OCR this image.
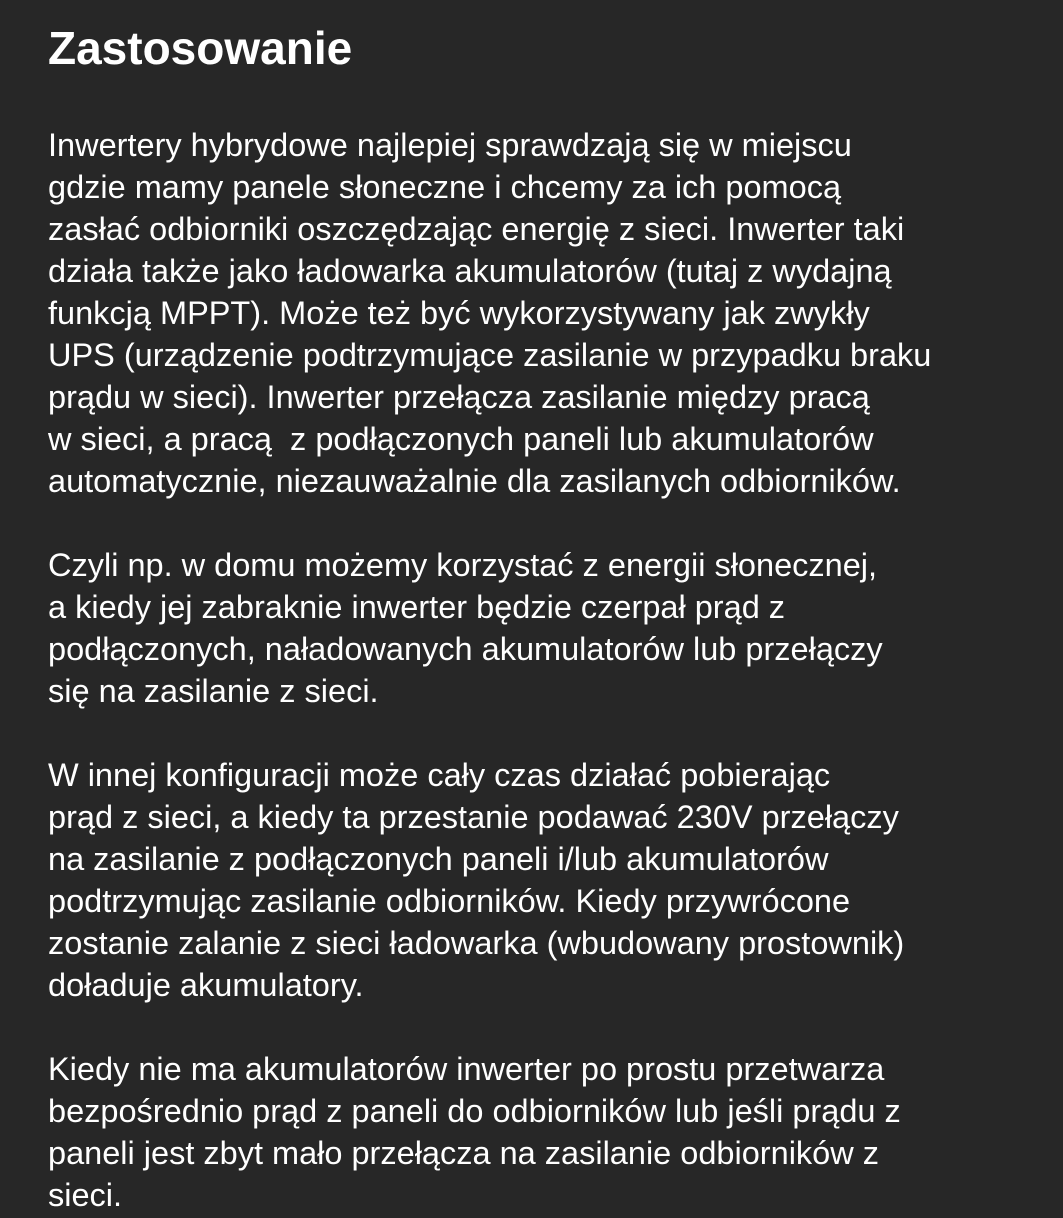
Zastosowanie
Inwertery hybrydowe najlepiej sprawdzają się w miejscu
gdzie mamy panele słoneczne i chcemy za ich pomocą
zasłać odbiorniki oszczędzając energię z sieci. Inwerter taki
działa także jako ładowarka akumulatorów (tutaj z wydajną
funkcją MPPT). Może też być wykorzystywany jak zwykły
UPS (urządzenie podtrzymujące zasilanie w przypadku braku
prądu w sieci). Inwerter przełącza zasilanie między pracą
w sieci, a pracą  z podłączonych paneli lub akumulatorów
automatycznie, niezauważalnie dla zasilanych odbiorników.
Czyli np. w domu możemy korzystać z energii słonecznej,
a kiedy jej zabraknie inwerter będzie czerpał prąd z
podłączonych, naładowanych akumulatorów lub przełączy
się na zasilanie z sieci.
W innej konfiguracji może cały czas działać pobierając
prąd z sieci, a kiedy ta przestanie podawać 230V przełączy
na zasilanie z podłączonych paneli i/lub akumulatorów
podtrzymując zasilanie odbiorników. Kiedy przywrócone
zostanie zalanie z sieci ładowarka (wbudowany prostownik)
doładuje akumulatory.
Kiedy nie ma akumulatorów inwerter po prostu przetwarza
bezpośrednio prąd z paneli do odbiorników lub jeśli prądu z
paneli jest zbyt mało przełącza na zasilanie odbiorników z
sieci.
